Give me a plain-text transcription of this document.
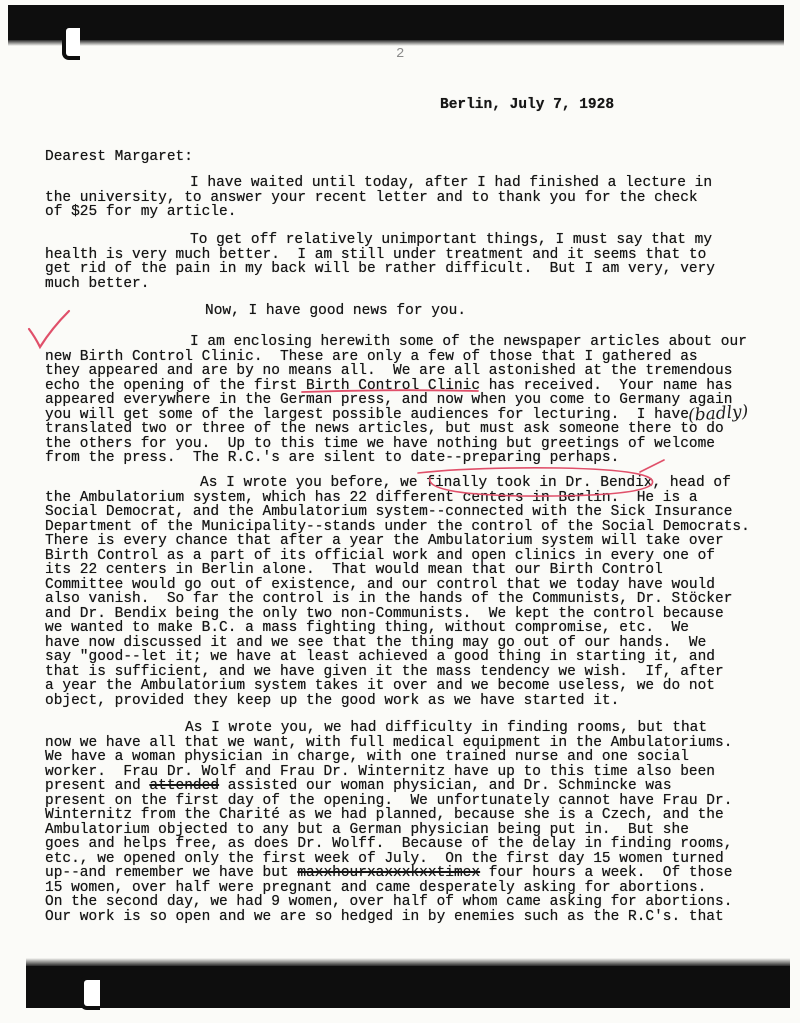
2
Berlin, July 7, 1928
Dearest Margaret:
I have waited until today, after I had finished a lecture in
the university, to answer your recent letter and to thank you for the check
of $25 for my article.
To get off relatively unimportant things, I must say that my
health is very much better.  I am still under treatment and it seems that to
get rid of the pain in my back will be rather difficult.  But I am very, very
much better.
Now, I have good news for you.
I am enclosing herewith some of the newspaper articles about our
new Birth Control Clinic.  These are only a few of those that I gathered as
they appeared and are by no means all.  We are all astonished at the tremendous
echo the opening of the first Birth Control Clinic has received.  Your name has
appeared everywhere in the German press, and now when you come to Germany again
you will get some of the largest possible audiences for lecturing.  I have
translated two or three of the news articles, but must ask someone there to do
the others for you.  Up to this time we have nothing but greetings of welcome
from the press.  The R.C.'s are silent to date--preparing perhaps.
As I wrote you before, we finally took in Dr. Bendix, head of
the Ambulatorium system, which has 22 different centers in Berlin.  He is a
Social Democrat, and the Ambulatorium system--connected with the Sick Insurance
Department of the Municipality--stands under the control of the Social Democrats.
There is every chance that after a year the Ambulatorium system will take over
Birth Control as a part of its official work and open clinics in every one of
its 22 centers in Berlin alone.  That would mean that our Birth Control
Committee would go out of existence, and our control that we today have would
also vanish.  So far the control is in the hands of the Communists, Dr. Stöcker
and Dr. Bendix being the only two non-Communists.  We kept the control because
we wanted to make B.C. a mass fighting thing, without compromise, etc.  We
have now discussed it and we see that the thing may go out of our hands.  We
say "good--let it; we have at least achieved a good thing in starting it, and
that is sufficient, and we have given it the mass tendency we wish.  If, after
a year the Ambulatorium system takes it over and we become useless, we do not
object, provided they keep up the good work as we have started it.
As I wrote you, we had difficulty in finding rooms, but that
now we have all that we want, with full medical equipment in the Ambulatoriums.
We have a woman physician in charge, with one trained nurse and one social
worker.  Frau Dr. Wolf and Frau Dr. Winternitz have up to this time also been
present and attended assisted our woman physician, and Dr. Schmincke was
present on the first day of the opening.  We unfortunately cannot have Frau Dr.
Winternitz from the Charité as we had planned, because she is a Czech, and the
Ambulatorium objected to any but a German physician being put in.  But she
goes and helps free, as does Dr. Wolff.  Because of the delay in finding rooms,
etc., we opened only the first week of July.  On the first day 15 women turned
up--and remember we have but maxxhourxaxxxkxxtimex four hours a week.  Of those
15 women, over half were pregnant and came desperately asking for abortions.
On the second day, we had 9 women, over half of whom came asking for abortions.
Our work is so open and we are so hedged in by enemies such as the R.C's. that
(badly)
